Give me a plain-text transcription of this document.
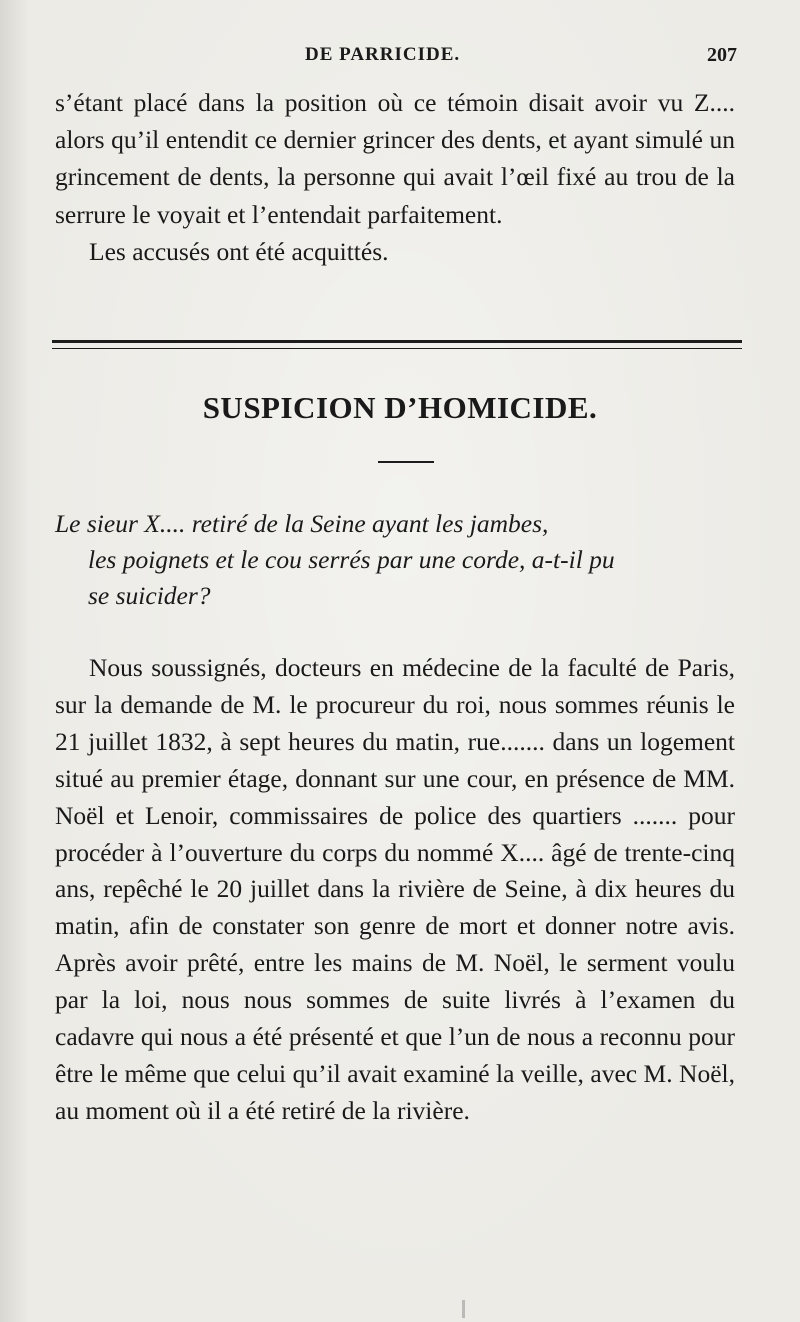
DE PARRICIDE.	207

s’étant placé dans la position où ce témoin disait avoir vu Z.... alors qu’il entendit ce dernier grincer des dents, et ayant simulé un grincement de dents, la personne qui avait l’œil fixé au trou de la serrure le voyait et l’entendait parfaitement.

Les accusés ont été acquittés.

SUSPICION D’HOMICIDE.
Le sieur X.... retiré de la Seine ayant les jambes,
les poignets et le cou serrés par une corde, a-t-il pu
se suicider?

Nous soussignés, docteurs en médecine de la faculté de Paris, sur la demande de M. le procureur du roi, nous sommes réunis le 21 juillet 1832, à sept heures du matin, rue....... dans un logement situé au premier étage, donnant sur une cour, en présence de MM. Noël et Lenoir, commissaires de police des quartiers ....... pour procéder à l’ouverture du corps du nommé X.... âgé de trente-cinq ans, repêché le 20 juillet dans la rivière de Seine, à dix heures du matin, afin de constater son genre de mort et donner notre avis. Après avoir prêté, entre les mains de M. Noël, le serment voulu par la loi, nous nous sommes de suite livrés à l’examen du cadavre qui nous a été présenté et que l’un de nous a reconnu pour être le même que celui qu’il avait examiné la veille, avec M. Noël, au moment où il a été retiré de la rivière.
